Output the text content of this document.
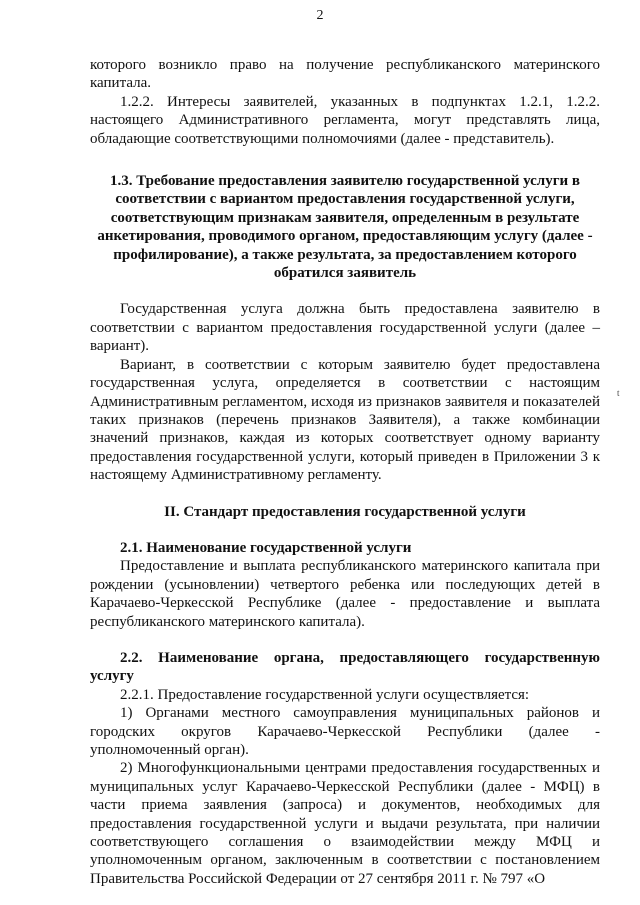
2

которого возникло право на получение республиканского материнского капитала.

1.2.2. Интересы заявителей, указанных в подпунктах 1.2.1, 1.2.2. настоящего Административного регламента, могут представлять лица, обладающие соответствующими полномочиями (далее - представитель).

1.3. Требование предоставления заявителю государственной услуги в соответствии с вариантом предоставления государственной услуги, соответствующим признакам заявителя, определенным в результате анкетирования, проводимого органом, предоставляющим услугу (далее - профилирование), а также результата, за предоставлением которого обратился заявитель

Государственная услуга должна быть предоставлена заявителю в соответствии с вариантом предоставления государственной услуги (далее – вариант).

Вариант, в соответствии с которым заявителю будет предоставлена государственная услуга, определяется в соответствии с настоящим Административным регламентом, исходя из признаков заявителя и показателей таких признаков (перечень признаков Заявителя), а также комбинации значений признаков, каждая из которых соответствует одному варианту предоставления государственной услуги, который приведен в Приложении 3 к настоящему Административному регламенту.

II. Стандарт предоставления государственной услуги

2.1. Наименование государственной услуги

Предоставление и выплата республиканского материнского капитала при рождении (усыновлении) четвертого ребенка или последующих детей в Карачаево-Черкесской Республике (далее - предоставление и выплата республиканского материнского капитала).

2.2. Наименование органа, предоставляющего государственную услугу

2.2.1. Предоставление государственной услуги осуществляется:

1) Органами местного самоуправления муниципальных районов и городских округов Карачаево-Черкесской Республики (далее - уполномоченный орган).

2) Многофункциональными центрами предоставления государственных и муниципальных услуг Карачаево-Черкесской Республики (далее - МФЦ) в части приема заявления (запроса) и документов, необходимых для предоставления государственной услуги и выдачи результата, при наличии соответствующего соглашения о взаимодействии между МФЦ и уполномоченным органом, заключенным в соответствии с постановлением Правительства Российской Федерации от 27 сентября 2011 г. № 797 «О

t
